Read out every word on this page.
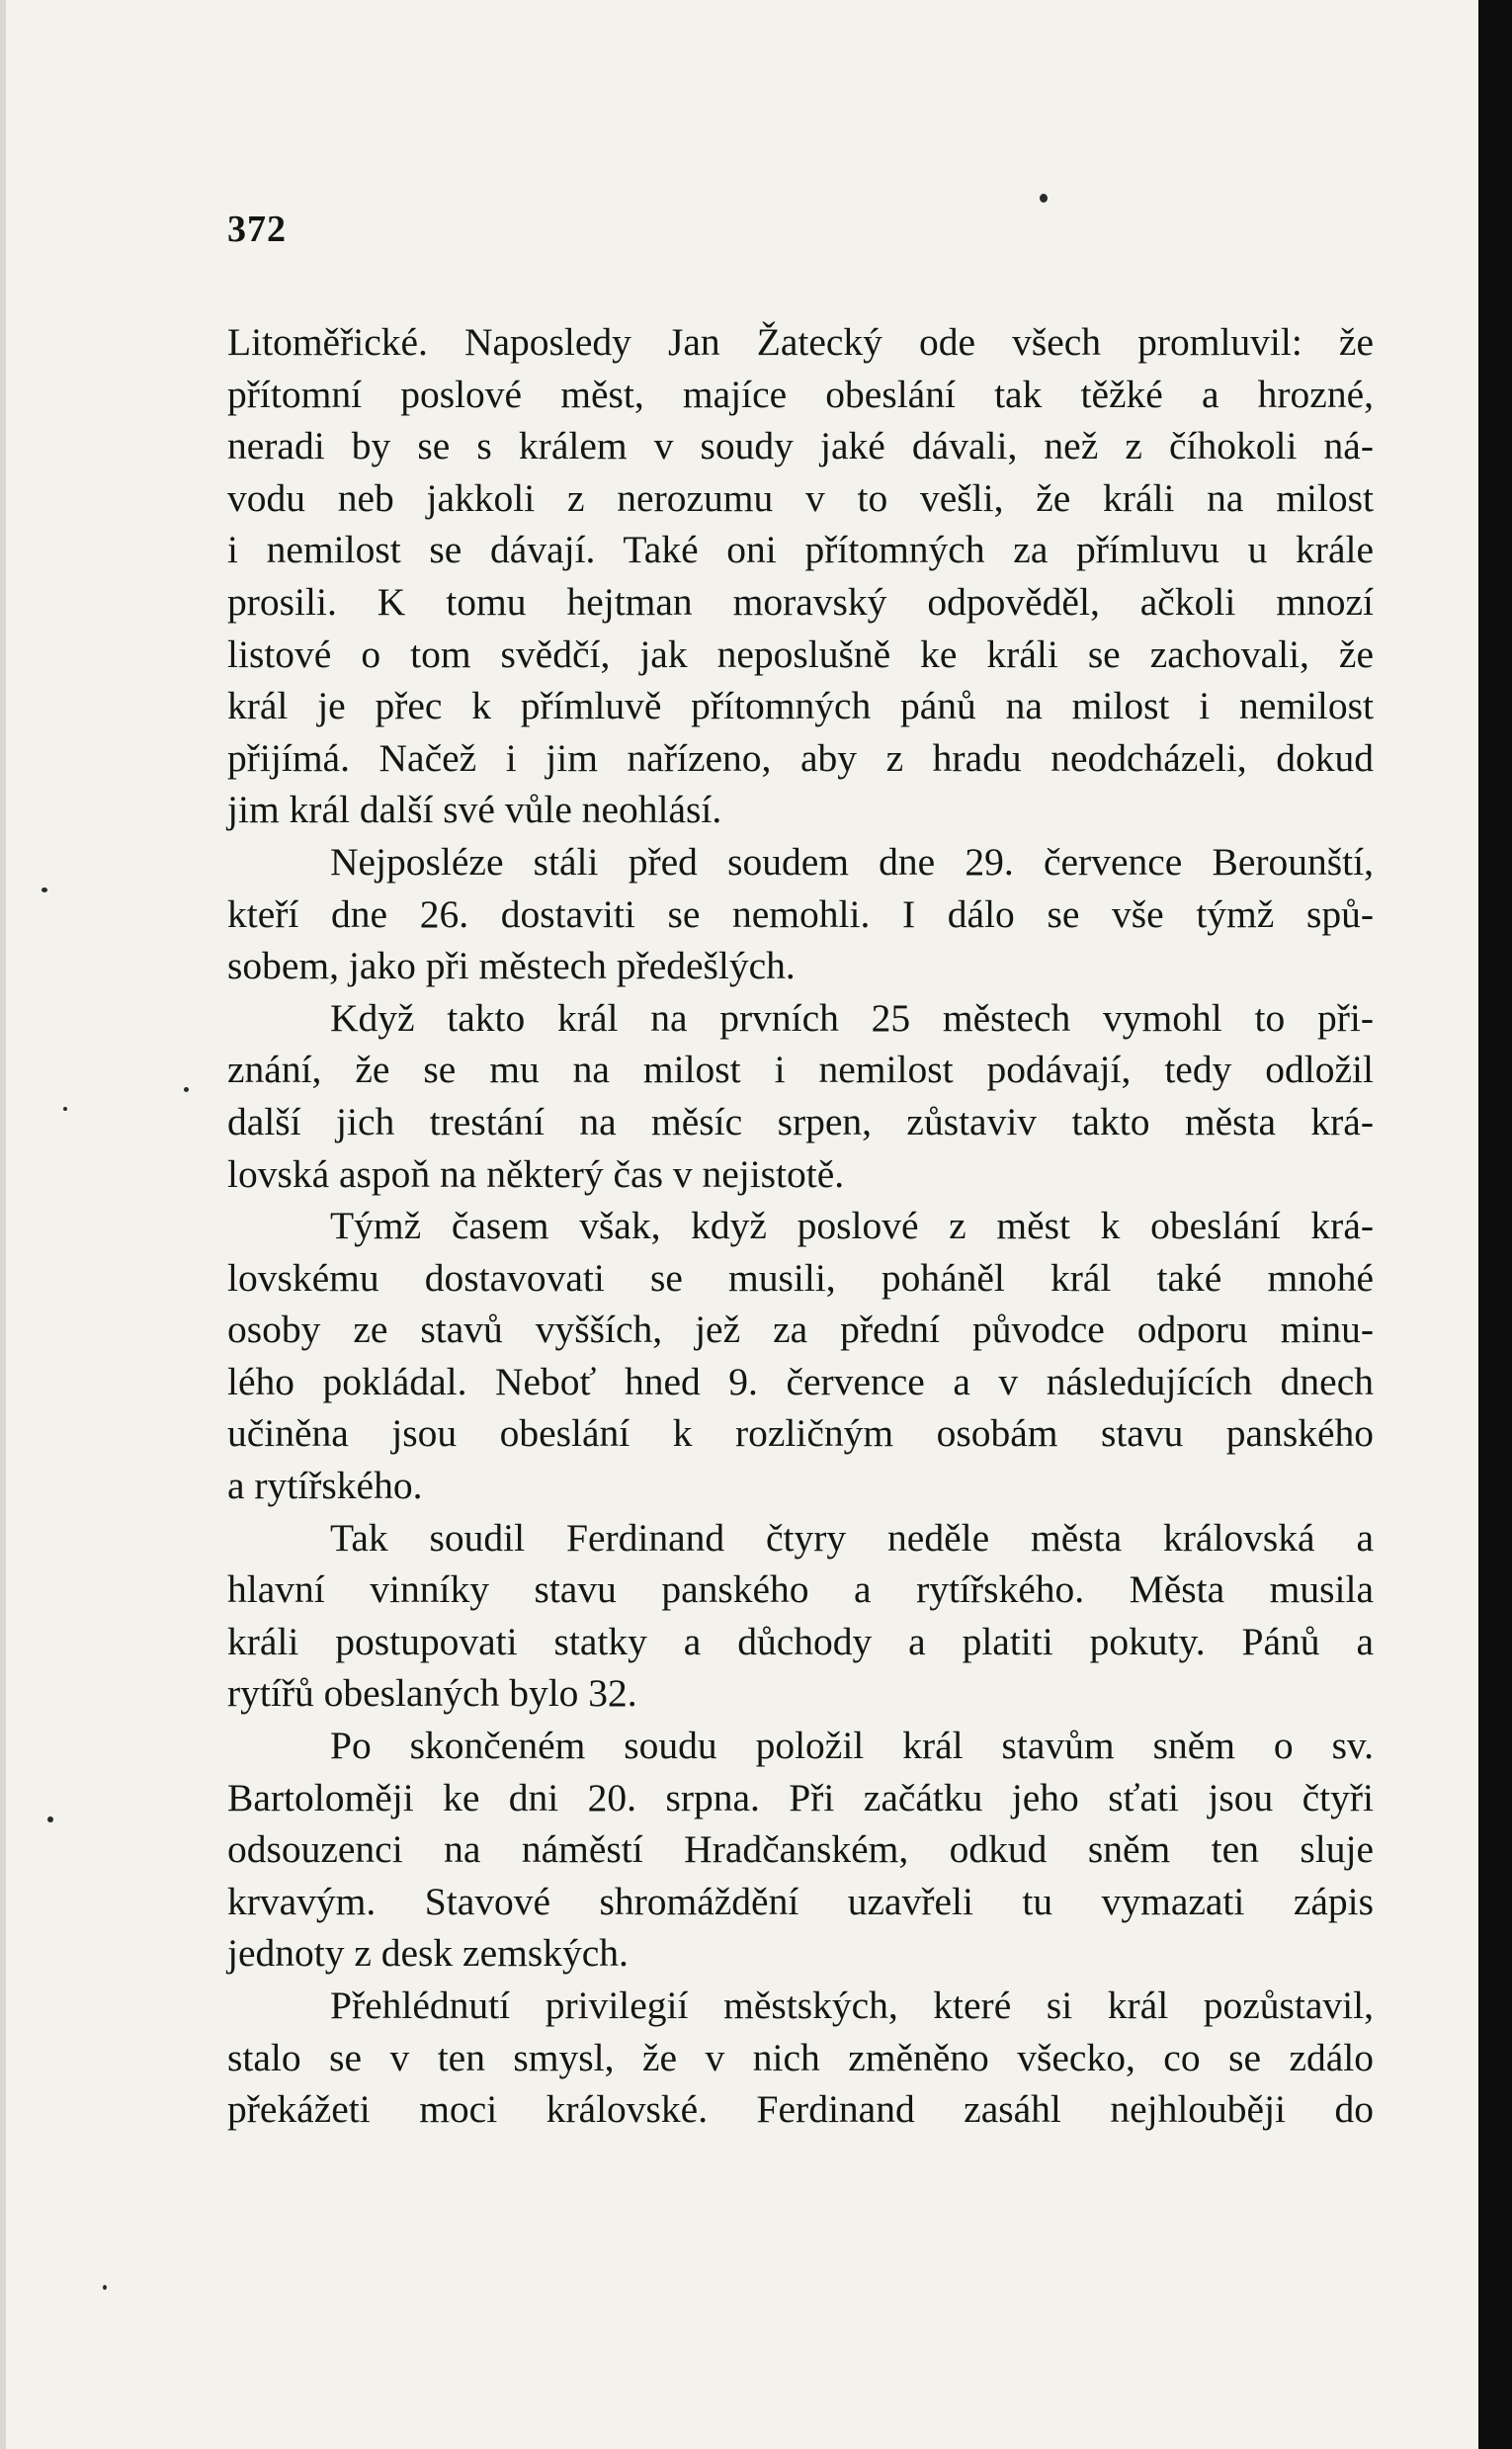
372
Litoměřické. Naposledy Jan Žatecký ode všech promluvil: že
přítomní poslové měst, majíce obeslání tak těžké a hrozné,
neradi by se s králem v soudy jaké dávali, než z číhokoli ná-
vodu neb jakkoli z nerozumu v to vešli, že králi na milost
i nemilost se dávají. Také oni přítomných za přímluvu u krále
prosili. K tomu hejtman moravský odpověděl, ačkoli mnozí
listové o tom svědčí, jak neposlušně ke králi se zachovali, že
král je přec k přímluvě přítomných pánů na milost i nemilost
přijímá. Načež i jim nařízeno, aby z hradu neodcházeli, dokud
jim král další své vůle neohlásí.
Nejposléze stáli před soudem dne 29. července Berounští,
kteří dne 26. dostaviti se nemohli. I dálo se vše týmž spů-
sobem, jako při městech předešlých.
Když takto král na prvních 25 městech vymohl to při-
znání, že se mu na milost i nemilost podávají, tedy odložil
další jich trestání na měsíc srpen, zůstaviv takto města krá-
lovská aspoň na některý čas v nejistotě.
Týmž časem však, když poslové z měst k obeslání krá-
lovskému dostavovati se musili, poháněl král také mnohé
osoby ze stavů vyšších, jež za přední původce odporu minu-
lého pokládal. Neboť hned 9. července a v následujících dnech
učiněna jsou obeslání k rozličným osobám stavu panského
a rytířského.
Tak soudil Ferdinand čtyry neděle města královská a
hlavní vinníky stavu panského a rytířského. Města musila
králi postupovati statky a důchody a platiti pokuty. Pánů a
rytířů obeslaných bylo 32.
Po skončeném soudu položil král stavům sněm o sv.
Bartoloměji ke dni 20. srpna. Při začátku jeho sťati jsou čtyři
odsouzenci na náměstí Hradčanském, odkud sněm ten sluje
krvavým. Stavové shromáždění uzavřeli tu vymazati zápis
jednoty z desk zemských.
Přehlédnutí privilegií městských, které si král pozůstavil,
stalo se v ten smysl, že v nich změněno všecko, co se zdálo
překážeti moci královské. Ferdinand zasáhl nejhlouběji do
